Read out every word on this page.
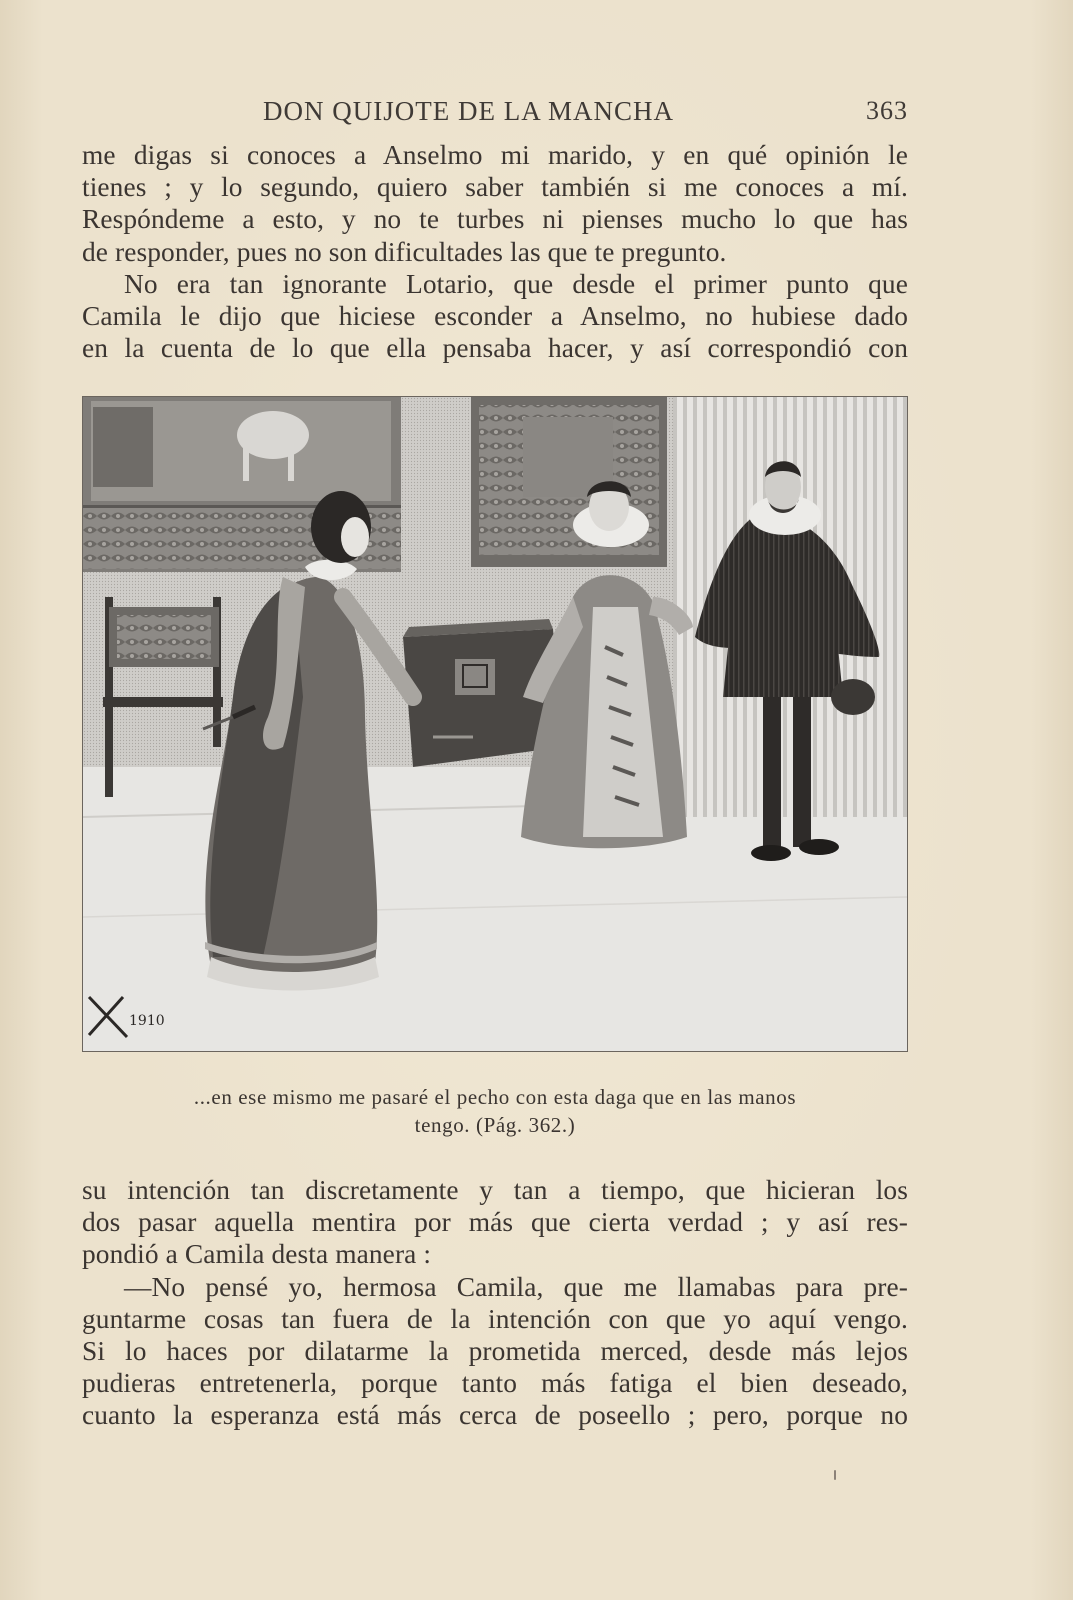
DON QUIJOTE DE LA MANCHA	363
me digas si conoces a Anselmo mi marido, y en qué opinión le
tienes ; y lo segundo, quiero saber también si me conoces a mí.
Respóndeme a esto, y no te turbes ni pienses mucho lo que has
de responder, pues no son dificultades las que te pregunto.
No era tan ignorante Lotario, que desde el primer punto que
Camila le dijo que hiciese esconder a Anselmo, no hubiese dado
en la cuenta de lo que ella pensaba hacer, y así correspondió con
1910
...en ese mismo me pasaré el pecho con esta daga que en las manos
tengo. (Pág. 362.)
su intención tan discretamente y tan a tiempo, que hicieran los
dos pasar aquella mentira por más que cierta verdad ; y así res-
pondió a Camila desta manera :
—No pensé yo, hermosa Camila, que me llamabas para pre-
guntarme cosas tan fuera de la intención con que yo aquí vengo.
Si lo haces por dilatarme la prometida merced, desde más lejos
pudieras entretenerla, porque tanto más fatiga el bien deseado,
cuanto la esperanza está más cerca de poseello ; pero, porque no
